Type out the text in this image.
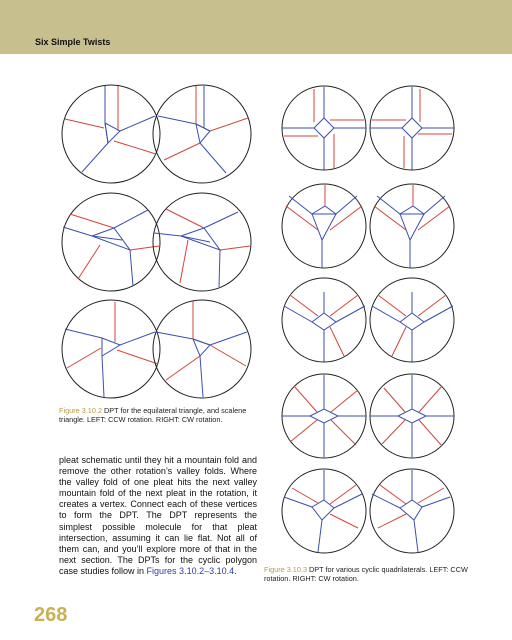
Six Simple Twists
Figure 3.10.2 DPT for the equilateral triangle, and scalene triangle. LEFT: CCW rotation. RIGHT: CW rotation.
pleat schematic until they hit a mountain fold and remove the other rotation’s valley folds. Where the valley fold of one pleat hits the next valley mountain fold of the next pleat in the rotation, it creates a vertex. Connect each of these vertices to form the DPT. The DPT represents the simplest possible molecule for that pleat intersection, assuming it can lie flat. Not all of them can, and you’ll explore more of that in the next section. The DPTs for the cyclic polygon case studies follow in Figures 3.10.2–3.10.4.	Figure 3.10.3 DPT for various cyclic quadrilaterals. LEFT: CCW rotation. RIGHT: CW rotation.
268
